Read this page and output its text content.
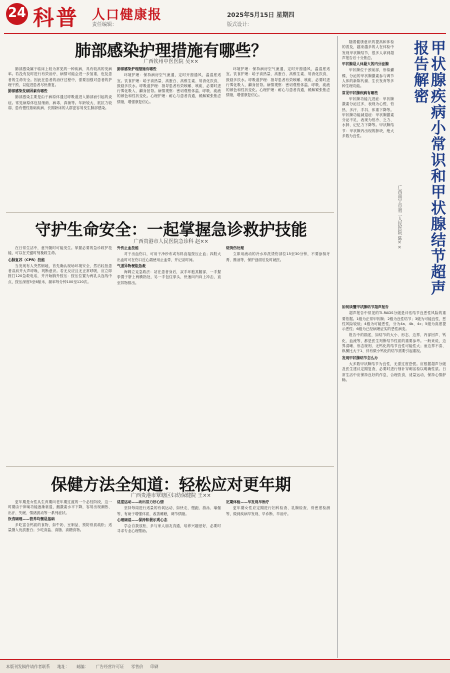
24 科普 人口健康报
责任编辑：
2025年5月15日 星期四
版式设计：
肺部感染护理措施有哪些？
广西钦州中医医院 吴××

肺部感染属于临床上较为常见的一种疾病，具有较高的发病率。若没有及时进行有效治疗，病情可能会进一步加重，危及患者的生命安全。因此在患者的治疗过程中，需要加强对患者的护理干预，以促进患者尽快康复。

肺部感染发病因素有哪些

肺部感染主要是由于病原体通过呼吸道进入肺部而引起的炎症。常见病原体包括细菌、病毒、真菌等。年龄较大、抵抗力较弱、患有慢性基础疾病、长期卧床的人群更容易发生肺部感染。

肺部感染护理措施有哪些

环境护理：保持病房空气流通，定时开窗通风，温湿度适宜。饮食护理：给予高热量、高蛋白、高维生素、易消化饮食，鼓励多饮水。呼吸道护理：指导患者有效咳嗽、咳痰，必要时进行雾化吸入、翻身拍背。病情观察：密切观察体温、呼吸、痰液的颜色和性状变化。心理护理：耐心与患者沟通，缓解紧张焦虑情绪，增强康复信心。

环境护理：保持病房空气流通，定时开窗通风，温湿度适宜。饮食护理：给予高热量、高蛋白、高维生素、易消化饮食，鼓励多饮水。呼吸道护理：指导患者有效咳嗽、咳痰，必要时进行雾化吸入、翻身拍背。病情观察：密切观察体温、呼吸、痰液的颜色和性状变化。心理护理：耐心与患者沟通，缓解紧张焦虑情绪，增强康复信心。

守护生命安全：一起掌握急诊救护技能
广西贵港市人民医院急诊科 赵××

在日常生活中，意外随时可能发生。掌握必要的急诊救护技能，可以在关键时刻挽救生命。

心肺复苏（CPR）技能

当发现有人突然倒地，首先确认现场环境安全，然后轻拍患者双肩并大声呼唤，判断意识。若无反应且无正常呼吸，应立即拨打120急救电话，并开始胸外按压：按压位置为两乳头连线中点，按压深度5至6厘米，频率每分钟100至120次。

外伤止血技能

对于出血伤口，可用干净纱布或布料直接按压止血；四肢大出血时可在伤口近心端使用止血带，并记录时间。

气道异物梗阻急救

海姆立克急救法：站在患者身后，双手环抱其腰部，一手握拳置于脐上两横指处，另一手包住拳头，快速向内向上冲击，直至异物排出。

烧烫伤处理

立即用流动的冷水冲洗烫伤部位15至30分钟，不要涂抹牙膏、酱油等，保护创面后及时就医。

保健方法全知道：轻松应对更年期
广西贵港市覃塘区妇幼保健院 王××

更年期是女性从生育期向老年期过渡的一个必经阶段，这一时期由于卵巢功能逐渐衰退，雌激素水平下降，容易出现潮热、出汗、失眠、情绪波动等一系列症状。

饮食调理——营养均衡是基础

多吃富含钙质的食物，如牛奶、豆制品，预防骨质疏松；适量摄入优质蛋白；少吃高盐、高脂、高糖食物。

适度运动——动出活力好心情

坚持每周进行适量的有氧运动，如快走、慢跑、游泳、瑜伽等，有助于增强体质，改善睡眠，调节情绪。

心理调适——保持积极乐观心态

学会自我放松，多与家人朋友沟通，培养兴趣爱好，必要时寻求专业心理帮助。

定期体检——早发现早治疗

更年期女性应定期进行妇科检查、乳腺检查、骨密度检测等，做到疾病早发现、早诊断、早治疗。

甲状腺疾病小常识和甲状腺结节超声报告解密
广西南宁市第二人民医院 陈××

随着健康意识的提高和体检的普及，越来越多的人在体检中发现甲状腺结节，很多人拿到超声报告后十分焦虑。

甲状腺是人体最大的内分泌腺

甲状腺位于颈前部，形似蝴蝶，分泌的甲状腺激素参与调节人体的新陈代谢、生长发育等多种生理功能。

常见甲状腺疾病有哪些

甲状腺功能亢进症：甲状腺激素分泌过多，表现为心慌、怕热、多汗、手抖、体重下降等。甲状腺功能减退症：甲状腺激素分泌不足，表现为怕冷、乏力、水肿、记忆力下降等。甲状腺结节：甲状腺内出现的肿块，绝大多数为良性。

如何读懂甲状腺结节超声报告

超声报告中常见的TI-RADS分级是评估结节良恶性风险的重要依据。1级为正常甲状腺；2级为良性结节；3级为可能良性，恶性风险较低；4级为可疑恶性，分为4a、4b、4c；5级为高度提示恶性；6级为已经病理证实的恶性病变。

报告中的描述，如结节的大小、形态、边界、内部回声、钙化、血流等，都是医生判断结节性质的重要参考。一般来说，边界清晰、形态规则、无钙化的结节良性可能性大；而边界不清、纵横比大于1、伴有微小钙化的结节需要引起重视。

发现甲状腺结节怎么办

大多数甲状腺结节为良性，无需过度恐慌。应根据超声分级及医生建议定期复查，必要时进行细针穿刺活检以明确性质。日常生活中应保持良好的作息，合理饮食，适量运动，保持心情舒畅。

本版刊发稿件请作者联系 地址： 邮编： 广告经营许可证 零售价 印刷
